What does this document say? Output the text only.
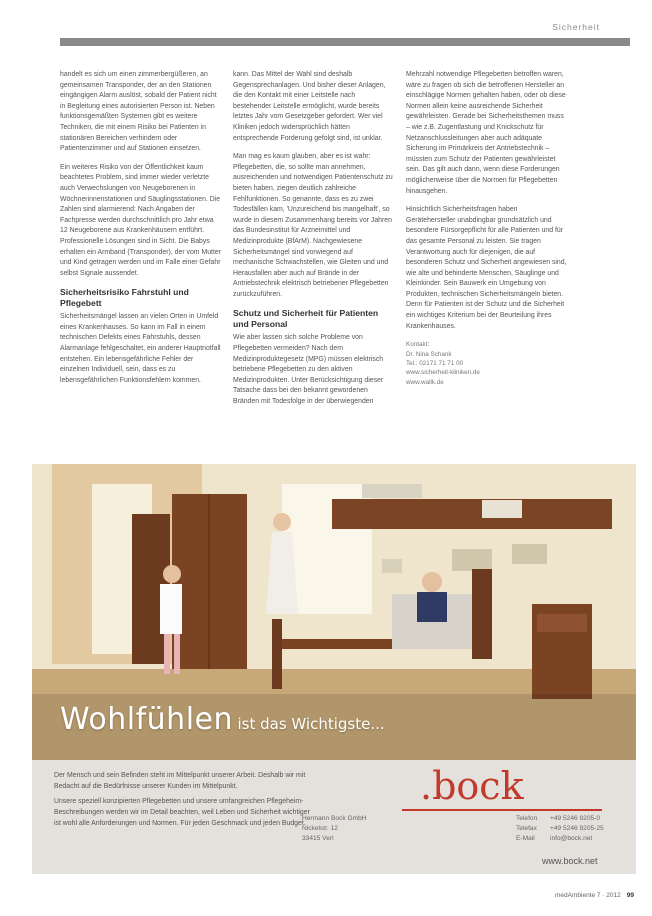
Sicherheit

handelt es sich um einen zimmerbergüßeren, an gemeinsamen Transponder, der an den Stationen eingängigen Alarm auslöst, sobald der Patient nicht in Begleitung eines autorisierten Person ist. Neben funktionsgemäßten Systemen gibt es weitere Techniken, die mit einem Risiko bei Patienten in stationären Bereichen verhindern oder Patientenzimmer und auf Stationen einsetzen.

Ein weiteres Risiko von der Öffentlichkeit kaum beachtetes Problem, sind immer wieder verletzte auch Verwechslungen von Neugeborenen in Wöchnerinnenstationen und Säuglingsstationen. Die Zahlen sind alarmierend: Nach Angaben der Fachpresse werden durchschnittlich pro Jahr etwa 12 Neugeborene aus Krankenhäusern entführt. Professionelle Lösungen sind in Sicht. Die Babys erhalten ein Armband (Transponder), der vom Mutter und Kind getragen werden und im Falle einer Gefahr selbst Signale aussendet.

Sicherheitsrisiko Fahrstuhl und Pflegebett

Sicherheitsmängel lassen an vielen Orten in Umfeld eines Krankenhauses. So kann im Fall in einem technischen Defekts eines Fahrstuhls, dessen Alarmanlage fehlgeschaltet, ein anderer Hauptnotfall entstehen. Ein lebensgefährliche Fehler der einzelnen Individuell, sein, dass es zu lebensgefährlichen Funktionsfehlern kommen.

kann. Das Mittel der Wahl sind deshalb Gegensprechanlagen. Und bisher dieser Anlagen, die den Kontakt mit einer Leitstelle nach bestehender Leitstelle ermöglicht, wurde bereits letztes Jahr vom Gesetzgeber gefordert. Wer viel Kliniken jedoch widersprüchlich hätten entsprechende Forderung gefolgt sind, ist unklar.

Man mag es kaum glauben, aber es ist wahr: Pflegebetten, die, so sollte man annehmen, ausreichenden und notwendigen Patientenschutz zu bieten haben, ziegen deutlich zahlreiche Fehlfunktionen. So genannte, dass es zu zwei Todesfällen kam, 'Unzureichend bis mangelhaft', so wurde in diesem Zusammenhang bereits vor Jahren das Bundesinstitut für Arzneimittel und Medizinprodukte (BfArM). Nachgewiesene Sicherheitsmängel sind vorwiegend auf mechanische Schwachstellen, wie Gleiten und und Herausfallen aber auch auf Brände in der Antriebstechnik elektrisch betriebener Pflegebetten zurückzuführen.

Schutz und Sicherheit für Patienten und Personal

Wie aber lassen sich solche Probleme von Pflegebetten vermeiden? Nach dem Medizinproduktegesetz (MPG) müssen elektrisch betriebene Pflegebetten zu den aktiven Medizinprodukten. Unter Berücksichtigung dieser Tatsache dass bei den bekannt gewordenen Bränden mit Todesfolge in der überwiegenden

Mehrzahl notwendige Pflegebetten betroffen waren, wäre zu fragen ob sich die betroffenen Hersteller an einschlägige Normen gehalten haben, oder ob diese Normen allein keine ausreichende Sicherheit gewährleisten. Gerade bei Sicherheitsthemen muss – wie z.B. Zugentlastung und Knickschutz für Netzanschlussleitungen aber auch adäquate Sicherung im Primärkreis der Antriebstechnik – müssten zum Schutz der Patienten gewährleistet sein. Das gilt auch dann, wenn diese Forderungen möglicherweise über die Normen für Pflegebetten hinausgehen.

Hinsichtlich Sicherheitsfragen haben Gerätehersteller unabdingbar grundsätzlich und besondere Fürsorgepflicht für alle Patienten und für das gesamte Personal zu leisten. Sie tragen Verantwortung auch für diejenigen, die auf besonderen Schutz und Sicherheit angewiesen sind, wie alte und behinderte Menschen, Säuglinge und Kleinkinder. Sein Bauwerk ein Umgebung von Produkten, technischen Sicherheitsmängeln bieten. Denn für Patienten ist der Schutz und die Sicherheit ein wichtiges Kriterium bei der Beurteilung ihres Krankenhauses.

Kontakt:
Dr. Nina Schank
Tel.: 02171 71 71 00
www.sicherheit-kliniken.de
www.wallk.de
Wohlfühlen ist das Wichtigste...

Der Mensch und sein Befinden steht im Mittelpunkt unserer Arbeit. Deshalb wir mit Bedacht auf die Bedürfnisse unserer Kunden im Mittelpunkt.

Unsere speziell konzipierten Pflegebetten und unsere umfangreichen Pflegeheim-Beschreibungen werden wir im Detail beachten, weil Leben und Sicherheit wichtiger ist wohl alle Anforderungen und Normen. Für jeden Geschmack und jeden Budget.

.bock
Hermann Bock GmbH
Nickelstr. 12
33415 Verl
Telefon +49 5246 9205-0
Telefax +49 5246 9205-25
E-Mail info@bock.net
www.bock.net
medAmbiente 7 · 2012 99
